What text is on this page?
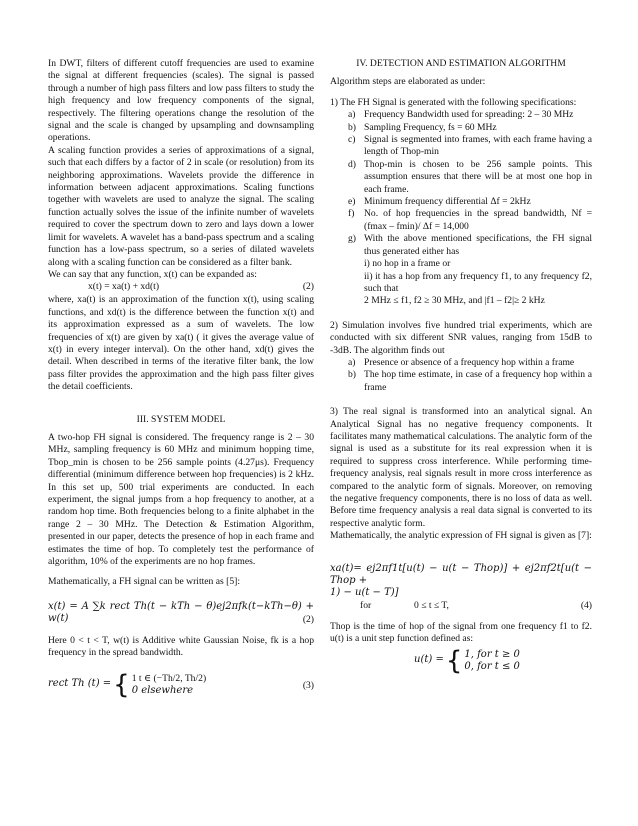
In DWT, filters of different cutoff frequencies are used to examine the signal at different frequencies (scales). The signal is passed through a number of high pass filters and low pass filters to study the high frequency and low frequency components of the signal, respectively. The filtering operations change the resolution of the signal and the scale is changed by upsampling and downsampling operations.

A scaling function provides a series of approximations of a signal, such that each differs by a factor of 2 in scale (or resolution) from its neighboring approximations. Wavelets provide the difference in information between adjacent approximations. Scaling functions together with wavelets are used to analyze the signal. The scaling function actually solves the issue of the infinite number of wavelets required to cover the spectrum down to zero and lays down a lower limit for wavelets. A wavelet has a band-pass spectrum and a scaling function has a low-pass spectrum, so a series of dilated wavelets along with a scaling function can be considered as a filter bank.

We can say that any function, x(t) can be expanded as:

x(t) = xa(t) + xd(t)	(2)

where, xa(t) is an approximation of the function x(t), using scaling functions, and xd(t) is the difference between the function x(t) and its approximation expressed as a sum of wavelets. The low frequencies of x(t) are given by xa(t) ( it gives the average value of x(t) in every integer interval). On the other hand, xd(t) gives the detail. When described in terms of the iterative filter bank, the low pass filter provides the approximation and the high pass filter gives the detail coefficients.

III. SYSTEM MODEL

A two-hop FH signal is considered. The frequency range is 2 – 30 MHz, sampling frequency is 60 MHz and minimum hopping time, Tbop_min is chosen to be 256 sample points (4.27μs). Frequency differential (minimum difference between hop frequencies) is 2 kHz. In this set up, 500 trial experiments are conducted. In each experiment, the signal jumps from a hop frequency to another, at a random hop time. Both frequencies belong to a finite alphabet in the range 2 – 30 MHz. The Detection & Estimation Algorithm, presented in our paper, detects the presence of hop in each frame and estimates the time of hop. To completely test the performance of algorithm, 10% of the experiments are no hop frames.

Mathematically, a FH signal can be written as [5]:

x(t) = A ∑k rect Th(t − kTh − θ)ej2πfk(t−kTh−θ) + w(t)	(2)

Here 0 < t < T, w(t) is Additive white Gaussian Noise, fk is a hop frequency in the spread bandwidth.

rect Th (t) = { 1 t ∈ (−Th/2, Th/2)
0 elsewhere	(3)

IV. DETECTION AND ESTIMATION ALGORITHM

Algorithm steps are elaborated as under:

1) The FH Signal is generated with the following specifications:

a) Frequency Bandwidth used for spreading: 2 – 30 MHz
b) Sampling Frequency, fs = 60 MHz
c) Signal is segmented into frames, with each frame having a length of Thop-min
d) Thop-min is chosen to be 256 sample points. This assumption ensures that there will be at most one hop in each frame.
e) Minimum frequency differential Δf = 2kHz
f) No. of hop frequencies in the spread bandwidth, Nf = (fmax – fmin)/ Δf = 14,000
g) With the above mentioned specifications, the FH signal thus generated either has
i) no hop in a frame or
ii) it has a hop from any frequency f1, to any frequency f2, such that
2 MHz ≤ f1, f2 ≥ 30 MHz, and |f1 – f2|≥ 2 kHz

2) Simulation involves five hundred trial experiments, which are conducted with six different SNR values, ranging from 15dB to -3dB. The algorithm finds out

a) Presence or absence of a frequency hop within a frame
b) The hop time estimate, in case of a frequency hop within a frame

3) The real signal is transformed into an analytical signal. An Analytical Signal has no negative frequency components. It facilitates many mathematical calculations. The analytic form of the signal is used as a substitute for its real expression when it is required to suppress cross interference. While performing time-frequency analysis, real signals result in more cross interference as compared to the analytic form of signals. Moreover, on removing the negative frequency components, there is no loss of data as well. Before time frequency analysis a real data signal is converted to its respective analytic form.

Mathematically, the analytic expression of FH signal is given as [7]:

xa(t)= ej2πf1t[u(t) − u(t − Thop)] + ej2πf2t[u(t − Thop +
1) − u(t − T)]
for	0 ≤ t ≤ T,	(4)

Thop is the time of hop of the signal from one frequency f1 to f2. u(t) is a unit step function defined as:

u(t) = { 1, for t ≥ 0
0, for t ≤ 0
